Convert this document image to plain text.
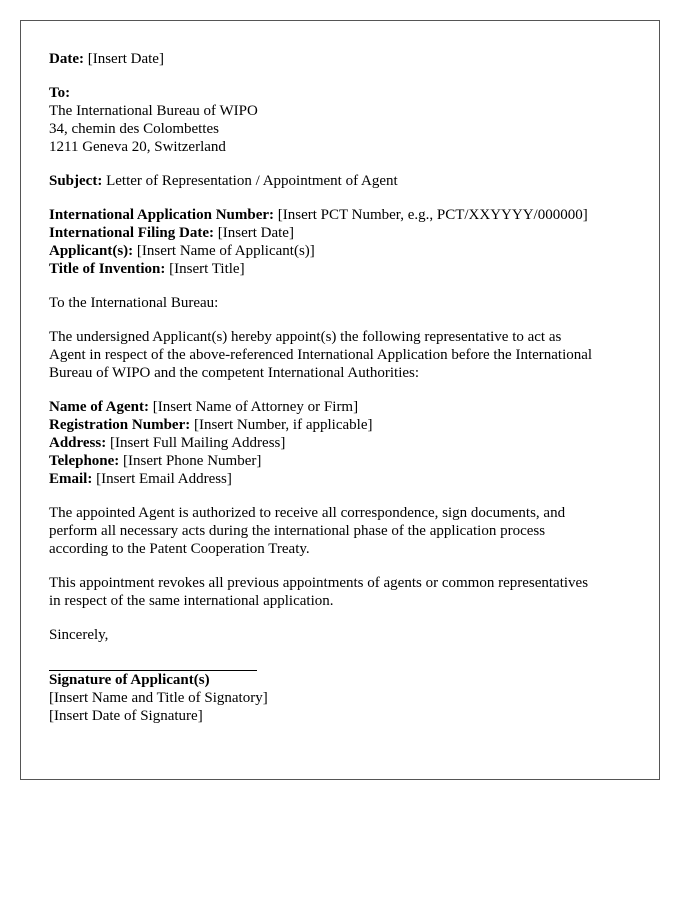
Date: [Insert Date]
To:
The International Bureau of WIPO
34, chemin des Colombettes
1211 Geneva 20, Switzerland
Subject: Letter of Representation / Appointment of Agent
International Application Number: [Insert PCT Number, e.g., PCT/XXYYYY/000000]
International Filing Date: [Insert Date]
Applicant(s): [Insert Name of Applicant(s)]
Title of Invention: [Insert Title]
To the International Bureau:
The undersigned Applicant(s) hereby appoint(s) the following representative to act as
Agent in respect of the above-referenced International Application before the International
Bureau of WIPO and the competent International Authorities:
Name of Agent: [Insert Name of Attorney or Firm]
Registration Number: [Insert Number, if applicable]
Address: [Insert Full Mailing Address]
Telephone: [Insert Phone Number]
Email: [Insert Email Address]
The appointed Agent is authorized to receive all correspondence, sign documents, and
perform all necessary acts during the international phase of the application process
according to the Patent Cooperation Treaty.
This appointment revokes all previous appointments of agents or common representatives
in respect of the same international application.
Sincerely,
Signature of Applicant(s)
[Insert Name and Title of Signatory]
[Insert Date of Signature]
